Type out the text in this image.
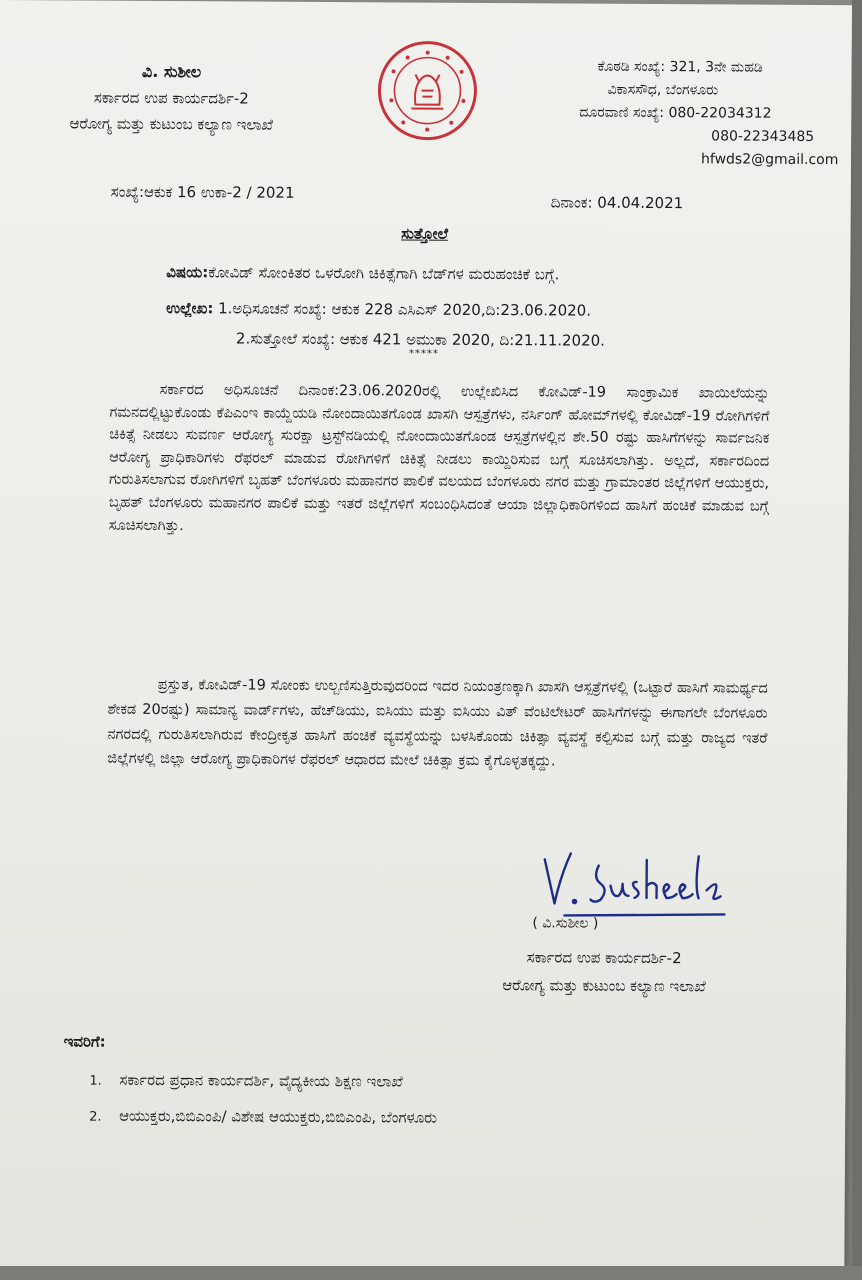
ವಿ. ಸುಶೀಲ
ಸರ್ಕಾರದ ಉಪ ಕಾರ್ಯದರ್ಶಿ-2
ಆರೋಗ್ಯ ಮತ್ತು ಕುಟುಂಬ ಕಲ್ಯಾಣ ಇಲಾಖೆ
ಕೊಠಡಿ ಸಂಖ್ಯೆ: 321, 3ನೇ ಮಹಡಿ
ವಿಕಾಸಸೌಧ, ಬೆಂಗಳೂರು
ದೂರವಾಣಿ ಸಂಖ್ಯೆ: 080-22034312
080-22343485
hfwds2@gmail.com
ಸಂಖ್ಯೆ:ಆಕುಕ 16 ಉಕಾ-2 / 2021
ದಿನಾಂಕ: 04.04.2021
ಸುತ್ತೋಲೆ
ವಿಷಯ:ಕೋವಿಡ್ ಸೋಂಕಿತರ ಒಳರೋಗಿ ಚಿಕಿತ್ಸೆಗಾಗಿ ಬೆಡ್‌ಗಳ ಮರುಹಂಚಿಕೆ ಬಗ್ಗೆ.
ಉಲ್ಲೇಖ: 1.ಅಧಿಸೂಚನೆ ಸಂಖ್ಯೆ: ಆಕುಕ 228 ಎಸಿಎಸ್ 2020,ದಿ:23.06.2020.
2.ಸುತ್ತೋಲೆ ಸಂಖ್ಯೆ: ಆಕುಕ 421 ಅಮುಕಾ 2020, ದಿ:21.11.2020.
*****
ಸರ್ಕಾರದ ಅಧಿಸೂಚನೆ ದಿನಾಂಕ:23.06.2020ರಲ್ಲಿ ಉಲ್ಲೇಖಿಸಿದ ಕೋವಿಡ್-19 ಸಾಂಕ್ರಾಮಿಕ ಖಾಯಿಲೆಯನ್ನು ಗಮನದಲ್ಲಿಟ್ಟುಕೊಂಡು ಕೆಪಿಎಂಇ ಕಾಯ್ದೆಯಡಿ ನೋಂದಾಯಿತಗೊಂಡ ಖಾಸಗಿ ಆಸ್ಪತ್ರೆಗಳು, ನರ್ಸಿಂಗ್ ಹೋಮ್‌ಗಳಲ್ಲಿ ಕೋವಿಡ್-19 ರೋಗಿಗಳಿಗೆ ಚಿಕಿತ್ಸೆ ನೀಡಲು ಸುವರ್ಣ ಆರೋಗ್ಯ ಸುರಕ್ಷಾ ಟ್ರಸ್ಟ್‌ನಡಿಯಲ್ಲಿ ನೋಂದಾಯಿತಗೊಂಡ ಆಸ್ಪತ್ರೆಗಳಲ್ಲಿನ ಶೇ.50 ರಷ್ಟು ಹಾಸಿಗೆಗಳನ್ನು ಸಾರ್ವಜನಿಕ ಆರೋಗ್ಯ ಪ್ರಾಧಿಕಾರಿಗಳು ರೆಫರಲ್ ಮಾಡುವ ರೋಗಿಗಳಿಗೆ ಚಿಕಿತ್ಸೆ ನೀಡಲು ಕಾಯ್ದಿರಿಸುವ ಬಗ್ಗೆ ಸೂಚಿಸಲಾಗಿತ್ತು. ಅಲ್ಲದೆ, ಸರ್ಕಾರದಿಂದ ಗುರುತಿಸಲಾಗುವ ರೋಗಿಗಳಿಗೆ ಬೃಹತ್ ಬೆಂಗಳೂರು ಮಹಾನಗರ ಪಾಲಿಕೆ ವಲಯದ ಬೆಂಗಳೂರು ನಗರ ಮತ್ತು ಗ್ರಾಮಾಂತರ ಜಿಲ್ಲೆಗಳಿಗೆ ಆಯುಕ್ತರು, ಬೃಹತ್ ಬೆಂಗಳೂರು ಮಹಾನಗರ ಪಾಲಿಕೆ ಮತ್ತು ಇತರೆ ಜಿಲ್ಲೆಗಳಿಗೆ ಸಂಬಂಧಿಸಿದಂತೆ ಆಯಾ ಜಿಲ್ಲಾಧಿಕಾರಿಗಳಿಂದ ಹಾಸಿಗೆ ಹಂಚಿಕೆ ಮಾಡುವ ಬಗ್ಗೆ ಸೂಚಿಸಲಾಗಿತ್ತು.
ಪ್ರಸ್ತುತ, ಕೋವಿಡ್-19 ಸೋಂಕು ಉಲ್ಬಣಿಸುತ್ತಿರುವುದರಿಂದ ಇದರ ನಿಯಂತ್ರಣಕ್ಕಾಗಿ ಖಾಸಗಿ ಆಸ್ಪತ್ರೆಗಳಲ್ಲಿ (ಒಟ್ಟಾರೆ ಹಾಸಿಗೆ ಸಾಮರ್ಥ್ಯದ ಶೇಕಡ 20ರಷ್ಟು) ಸಾಮಾನ್ಯ ವಾರ್ಡ್‌ಗಳು, ಹೆಚ್‌ಡಿಯು, ಐಸಿಯು ಮತ್ತು ಐಸಿಯು ವಿತ್ ವೆಂಟಿಲೇಟರ್ ಹಾಸಿಗೆಗಳನ್ನು ಈಗಾಗಲೇ ಬೆಂಗಳೂರು ನಗರದಲ್ಲಿ ಗುರುತಿಸಲಾಗಿರುವ ಕೇಂದ್ರೀಕೃತ ಹಾಸಿಗೆ ಹಂಚಿಕೆ ವ್ಯವಸ್ಥೆಯನ್ನು ಬಳಸಿಕೊಂಡು ಚಿಕಿತ್ಸಾ ವ್ಯವಸ್ಥೆ ಕಲ್ಪಿಸುವ ಬಗ್ಗೆ ಮತ್ತು ರಾಜ್ಯದ ಇತರೆ ಜಿಲ್ಲೆಗಳಲ್ಲಿ ಜಿಲ್ಲಾ ಆರೋಗ್ಯ ಪ್ರಾಧಿಕಾರಿಗಳ ರೆಫರಲ್ ಆಧಾರದ ಮೇಲೆ ಚಿಕಿತ್ಸಾ ಕ್ರಮ ಕೈಗೊಳ್ಳತಕ್ಕದ್ದು.
( ವಿ.ಸುಶೀಲ )
ಸರ್ಕಾರದ ಉಪ ಕಾರ್ಯದರ್ಶಿ-2
ಆರೋಗ್ಯ ಮತ್ತು ಕುಟುಂಬ ಕಲ್ಯಾಣ ಇಲಾಖೆ
ಇವರಿಗೆ:
1. ಸರ್ಕಾರದ ಪ್ರಧಾನ ಕಾರ್ಯದರ್ಶಿ, ವೈದ್ಯಕೀಯ ಶಿಕ್ಷಣ ಇಲಾಖೆ
2. ಆಯುಕ್ತರು,ಬಿಬಿಎಂಪಿ/ ವಿಶೇಷ ಆಯುಕ್ತರು,ಬಿಬಿಎಂಪಿ, ಬೆಂಗಳೂರು
